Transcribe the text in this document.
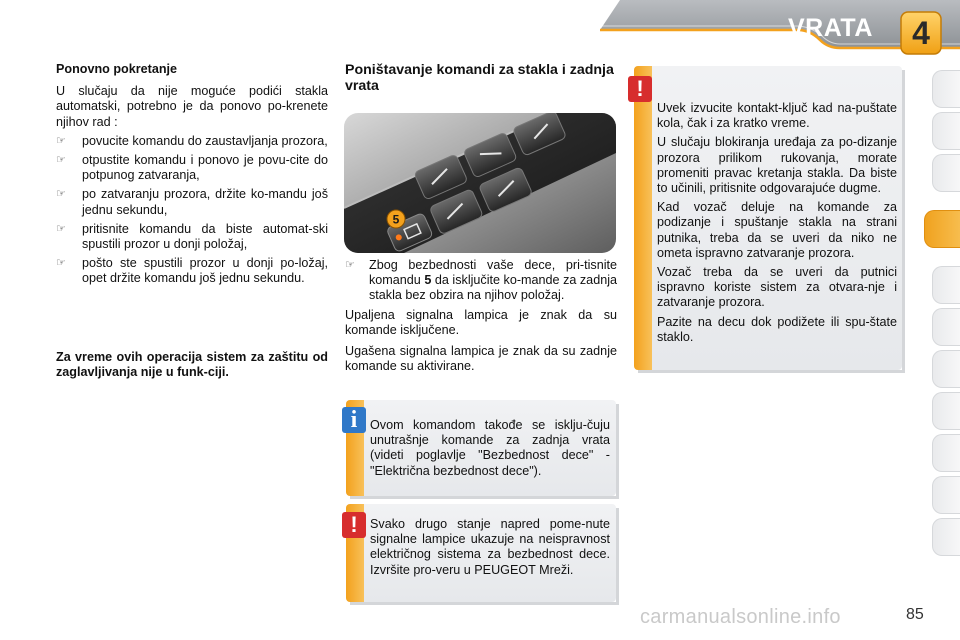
VRATA	4
Ponovno pokretanje

U slučaju da nije moguće podići stakla automatski, potrebno je da ponovo po-krenete njihov rad :

☞	povucite komandu do zaustavljanja prozora,
☞	otpustite komandu i ponovo je povu-cite do potpunog zatvaranja,
☞	po zatvaranju prozora, držite ko-mandu još jednu sekundu,
☞	pritisnite komandu da biste automat-ski spustili prozor u donji položaj,
☞	pošto ste spustili prozor u donji po-ložaj, opet držite komandu još jednu sekundu.
Za vreme ovih operacija sistem za zaštitu od zaglavljivanja nije u funk-ciji.
Poništavanje komandi za stakla i zadnja vrata
5
☞	Zbog bezbednosti vaše dece, pri-tisnite komandu 5 da isključite ko-mande za zadnja stakla bez obzira na njihov položaj.

Upaljena signalna lampica je znak da su komande isključene.

Ugašena signalna lampica je znak da su zadnje komande su aktivirane.

i	Ovom komandom takođe se isklju-čuju unutrašnje komande za zadnja vrata (videti poglavlje "Bezbednost dece" - "Električna bezbednost dece").
! Svako drugo stanje napred pome-nute signalne lampice ukazuje na neispravnost električnog sistema za bezbednost dece. Izvršite pro-veru u PEUGEOT Mreži.
!

Uvek izvucite kontakt-ključ kad na-puštate kola, čak i za kratko vreme.

U slučaju blokiranja uređaja za po-dizanje prozora prilikom rukovanja, morate promeniti pravac kretanja stakla. Da biste to učinili, pritisnite odgovarajuće dugme.

Kad vozač deluje na komande za podizanje i spuštanje stakla na strani putnika, treba da se uveri da niko ne ometa ispravno zatvaranje prozora.

Vozač treba da se uveri da putnici ispravno koriste sistem za otvara-nje i zatvaranje prozora.

Pazite na decu dok podižete ili spu-štate staklo.

carmanualsonline.info	85
